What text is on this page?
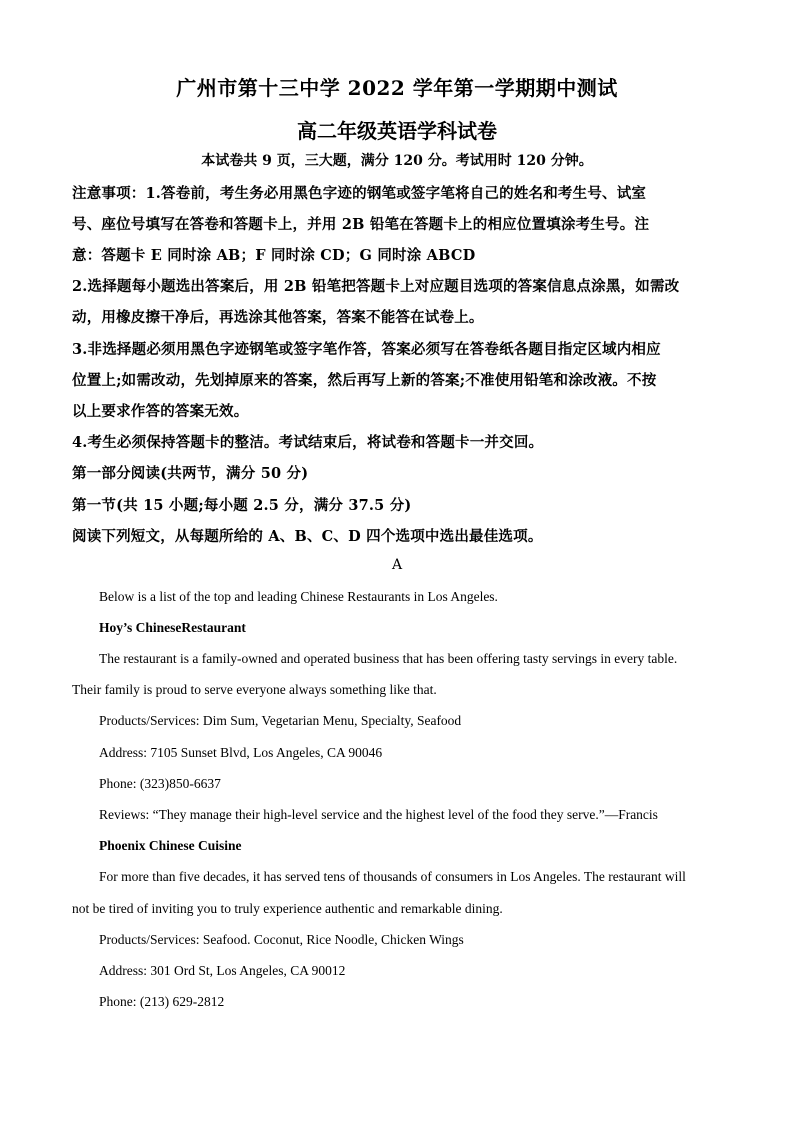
广州市第十三中学 2022 学年第一学期期中测试
高二年级英语学科试卷
本试卷共 9 页，三大题，满分 120 分。考试用时 120 分钟。
注意事项：1.答卷前，考生务必用黑色字迹的钢笔或签字笔将自己的姓名和考生号、试室
号、座位号填写在答卷和答题卡上，并用 2B 铅笔在答题卡上的相应位置填涂考生号。注
意：答题卡 E 同时涂 AB；F 同时涂 CD；G 同时涂 ABCD
2.选择题每小题选出答案后，用 2B 铅笔把答题卡上对应题目选项的答案信息点涂黑，如需改
动，用橡皮擦干净后，再选涂其他答案，答案不能答在试卷上。
3.非选择题必须用黑色字迹钢笔或签字笔作答，答案必须写在答卷纸各题目指定区域内相应
位置上;如需改动，先划掉原来的答案，然后再写上新的答案;不准使用铅笔和涂改液。不按
以上要求作答的答案无效。
4.考生必须保持答题卡的整洁。考试结束后，将试卷和答题卡一并交回。
第一部分阅读(共两节，满分 50 分)
第一节(共 15 小题;每小题 2.5 分，满分 37.5 分)
阅读下列短文，从每题所给的 A、B、C、D 四个选项中选出最佳选项。
A
Below is a list of the top and leading Chinese Restaurants in Los Angeles.
Hoy’s ChineseRestaurant
The restaurant is a family-owned and operated business that has been offering tasty servings in every table.
Their family is proud to serve everyone always something like that.
Products/Services: Dim Sum, Vegetarian Menu, Specialty, Seafood
Address: 7105 Sunset Blvd, Los Angeles, CA 90046
Phone: (323)850-6637
Reviews: “They manage their high-level service and the highest level of the food they serve.”—Francis
Phoenix Chinese Cuisine
For more than five decades, it has served tens of thousands of consumers in Los Angeles. The restaurant will
not be tired of inviting you to truly experience authentic and remarkable dining.
Products/Services: Seafood. Coconut, Rice Noodle, Chicken Wings
Address: 301 Ord St, Los Angeles, CA 90012
Phone: (213) 629-2812
